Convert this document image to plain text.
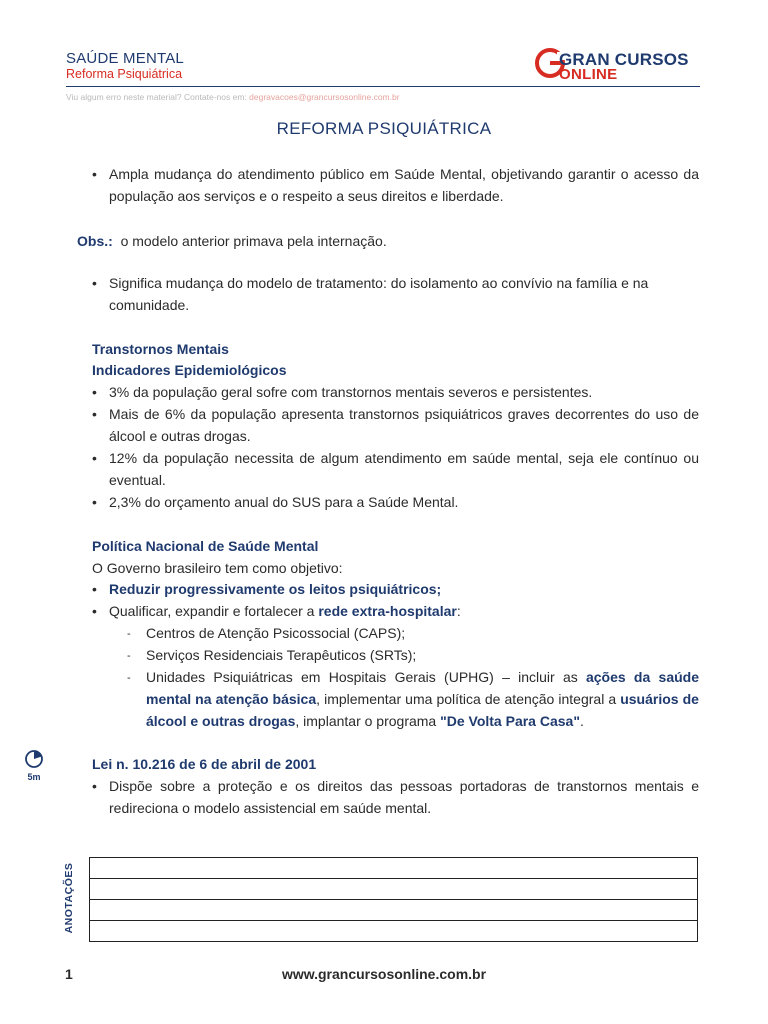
SAÚDE MENTAL
Reforma Psiquiátrica
GRAN CURSOS
ONLINE
Viu algum erro neste material? Contate-nos em: degravacoes@grancursosonline.com.br
REFORMA PSIQUIÁTRICA
• Ampla mudança do atendimento público em Saúde Mental, objetivando garantir o acesso da população aos serviços e o respeito a seus direitos e liberdade.
Obs.: o modelo anterior primava pela internação.
• Significa mudança do modelo de tratamento: do isolamento ao convívio na família e na comunidade.
Transtornos Mentais
Indicadores Epidemiológicos
• 3% da população geral sofre com transtornos mentais severos e persistentes.
• Mais de 6% da população apresenta transtornos psiquiátricos graves decorrentes do uso de álcool e outras drogas.
• 12% da população necessita de algum atendimento em saúde mental, seja ele contínuo ou eventual.
• 2,3% do orçamento anual do SUS para a Saúde Mental.
Política Nacional de Saúde Mental
O Governo brasileiro tem como objetivo:
• Reduzir progressivamente os leitos psiquiátricos;
• Qualificar, expandir e fortalecer a rede extra-hospitalar:
- Centros de Atenção Psicossocial (CAPS);
- Serviços Residenciais Terapêuticos (SRTs);
- Unidades Psiquiátricas em Hospitais Gerais (UPHG) – incluir as ações da saúde mental na atenção básica, implementar uma política de atenção integral a usuários de álcool e outras drogas, implantar o programa "De Volta Para Casa".
5m
Lei n. 10.216 de 6 de abril de 2001
• Dispõe sobre a proteção e os direitos das pessoas portadoras de transtornos mentais e redireciona o modelo assistencial em saúde mental.
ANOTAÇÕES
1	www.grancursosonline.com.br
